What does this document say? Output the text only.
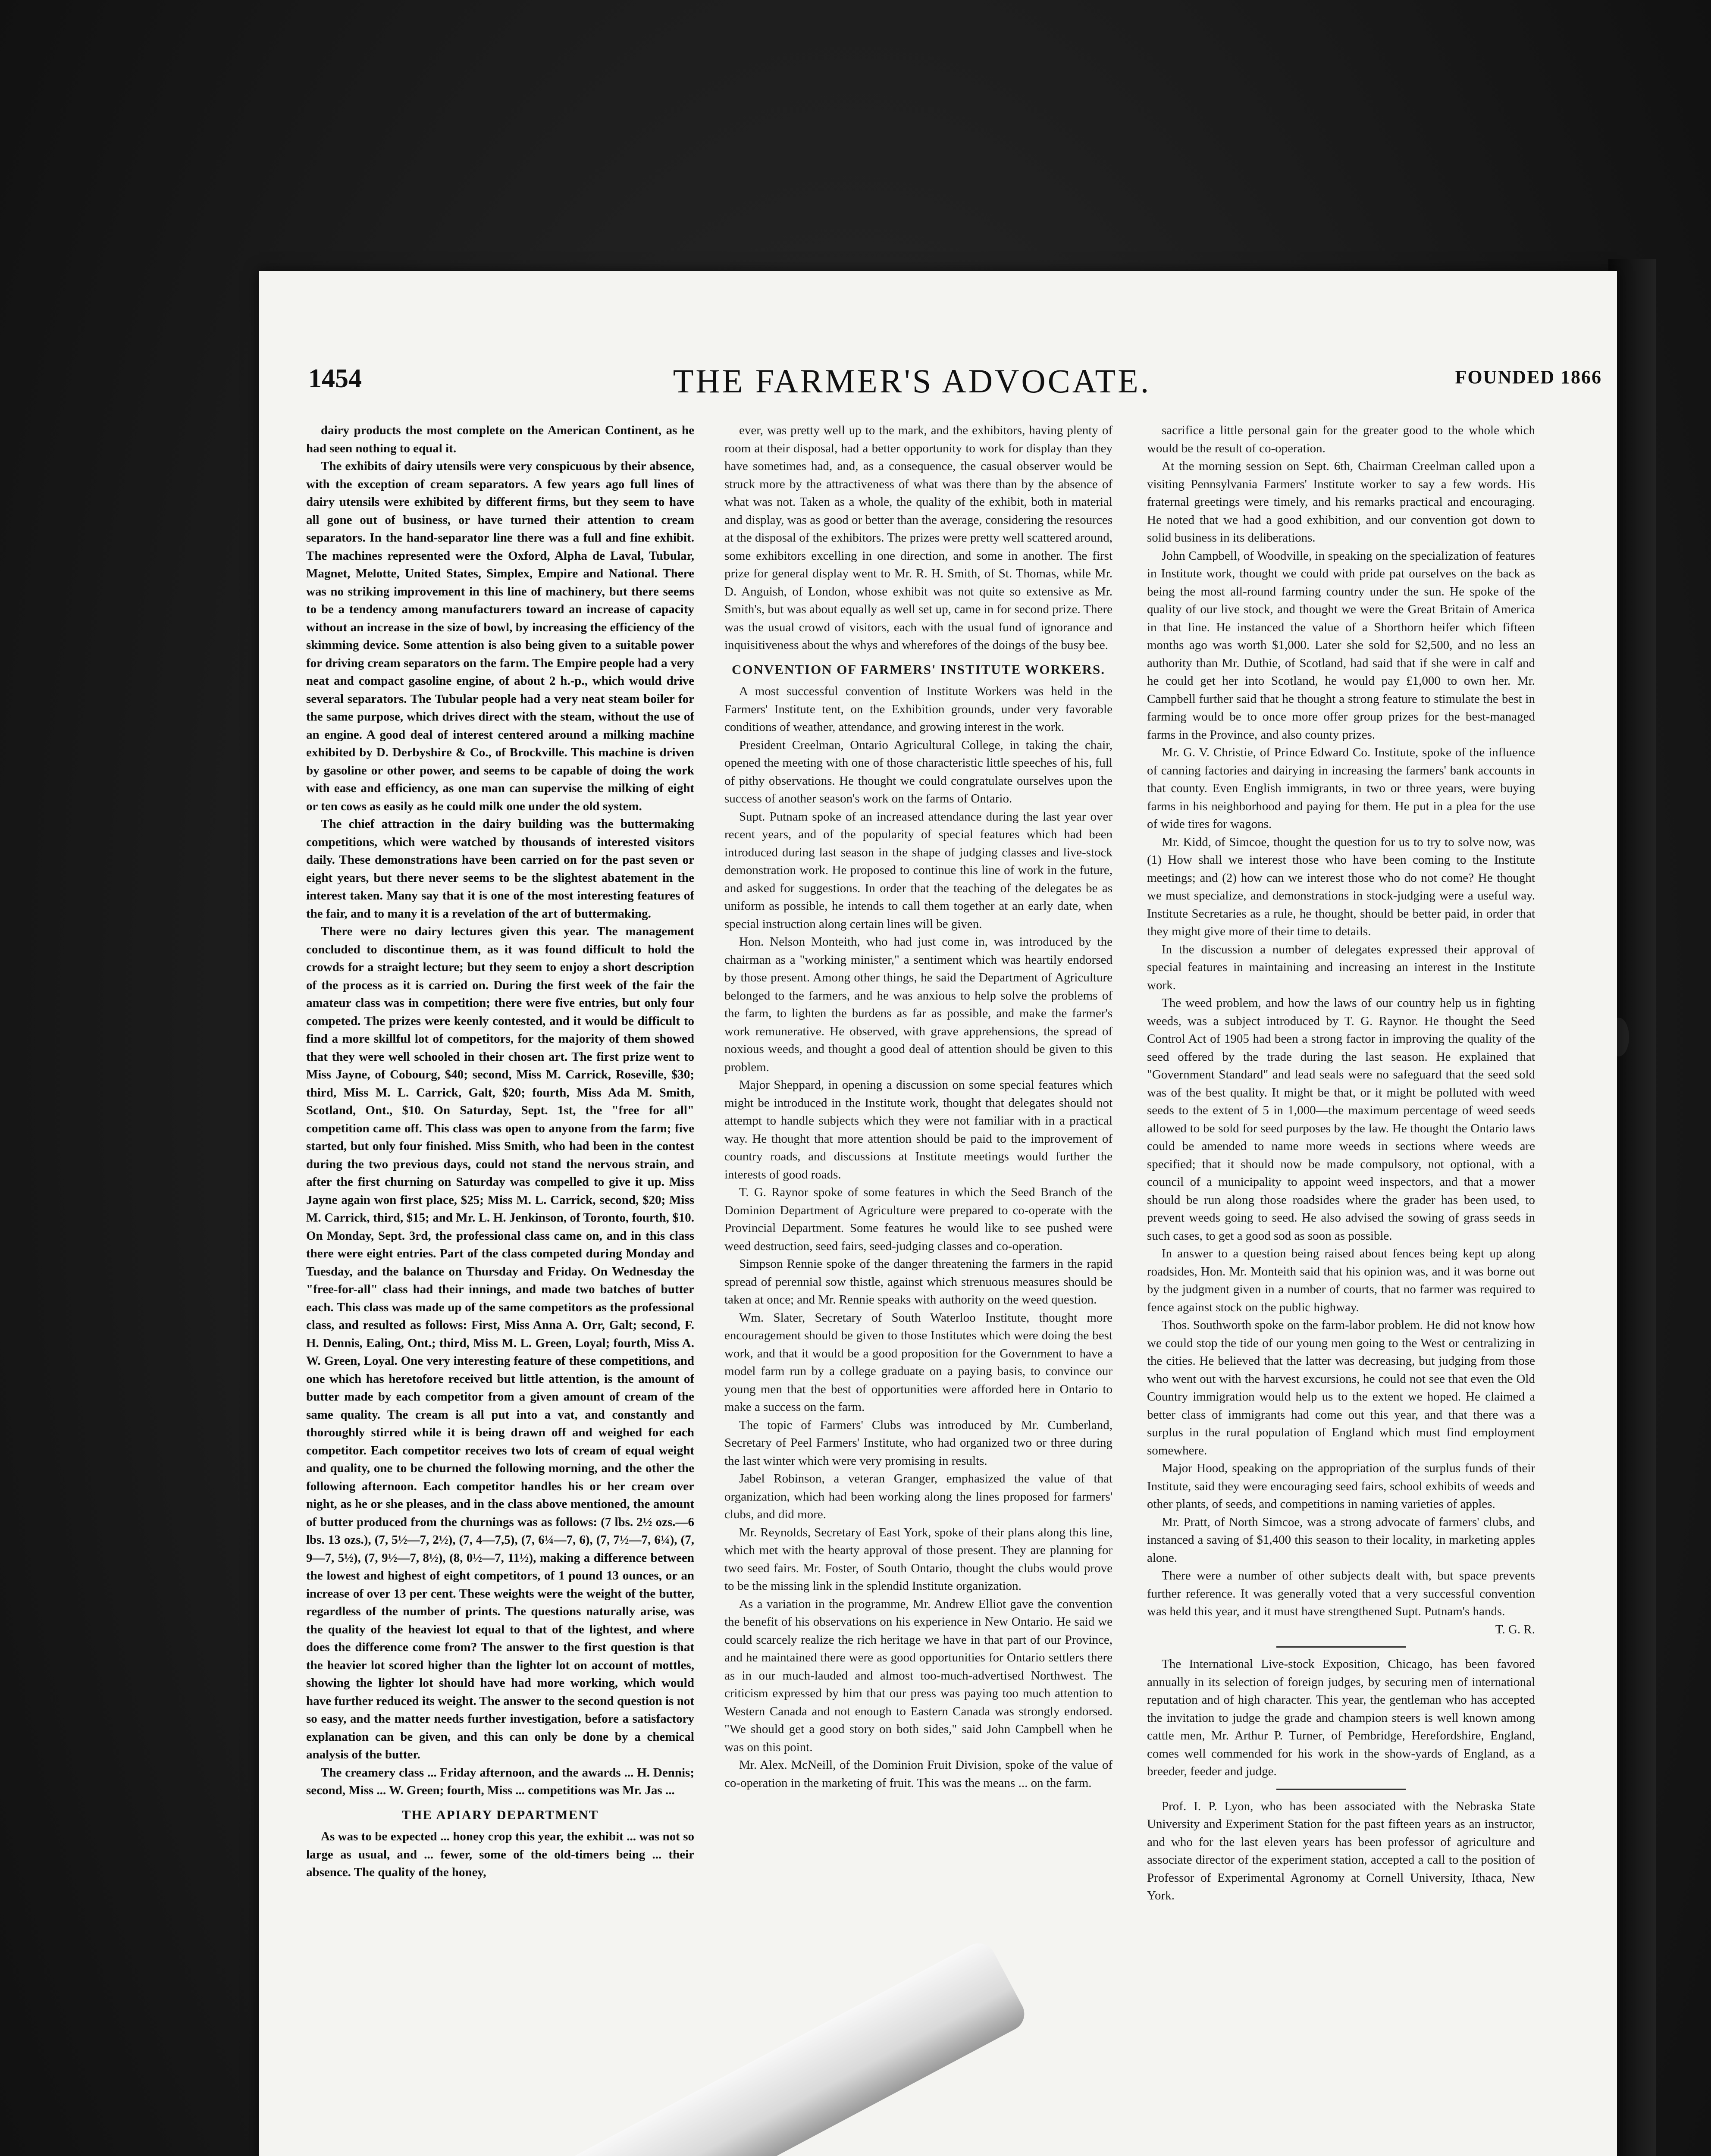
1454	THE FARMER'S ADVOCATE.	FOUNDED 1866

dairy products the most complete on the American Continent, as he had seen nothing to equal it.

The exhibits of dairy utensils were very conspicuous by their absence, with the exception of cream separators. A few years ago full lines of dairy utensils were exhibited by different firms, but they seem to have all gone out of business, or have turned their attention to cream separators. In the hand-separator line there was a full and fine exhibit. The machines represented were the Oxford, Alpha de Laval, Tubular, Magnet, Melotte, United States, Simplex, Empire and National. There was no striking improvement in this line of machinery, but there seems to be a tendency among manufacturers toward an increase of capacity without an increase in the size of bowl, by increasing the efficiency of the skimming device. Some attention is also being given to a suitable power for driving cream separators on the farm. The Empire people had a very neat and compact gasoline engine, of about 2 h.-p., which would drive several separators. The Tubular people had a very neat steam boiler for the same purpose, which drives direct with the steam, without the use of an engine. A good deal of interest centered around a milking machine exhibited by D. Derbyshire & Co., of Brockville. This machine is driven by gasoline or other power, and seems to be capable of doing the work with ease and efficiency, as one man can supervise the milking of eight or ten cows as easily as he could milk one under the old system.

The chief attraction in the dairy building was the buttermaking competitions, which were watched by thousands of interested visitors daily. These demonstrations have been carried on for the past seven or eight years, but there never seems to be the slightest abatement in the interest taken. Many say that it is one of the most interesting features of the fair, and to many it is a revelation of the art of buttermaking.

There were no dairy lectures given this year. The management concluded to discontinue them, as it was found difficult to hold the crowds for a straight lecture; but they seem to enjoy a short description of the process as it is carried on. During the first week of the fair the amateur class was in competition; there were five entries, but only four competed. The prizes were keenly contested, and it would be difficult to find a more skillful lot of competitors, for the majority of them showed that they were well schooled in their chosen art. The first prize went to Miss Jayne, of Cobourg, $40; second, Miss M. Carrick, Roseville, $30; third, Miss M. L. Carrick, Galt, $20; fourth, Miss Ada M. Smith, Scotland, Ont., $10. On Saturday, Sept. 1st, the "free for all" competition came off. This class was open to anyone from the farm; five started, but only four finished. Miss Smith, who had been in the contest during the two previous days, could not stand the nervous strain, and after the first churning on Saturday was compelled to give it up. Miss Jayne again won first place, $25; Miss M. L. Carrick, second, $20; Miss M. Carrick, third, $15; and Mr. L. H. Jenkinson, of Toronto, fourth, $10. On Monday, Sept. 3rd, the professional class came on, and in this class there were eight entries. Part of the class competed during Monday and Tuesday, and the balance on Thursday and Friday. On Wednesday the "free-for-all" class had their innings, and made two batches of butter each. This class was made up of the same competitors as the professional class, and resulted as follows: First, Miss Anna A. Orr, Galt; second, F. H. Dennis, Ealing, Ont.; third, Miss M. L. Green, Loyal; fourth, Miss A. W. Green, Loyal. One very interesting feature of these competitions, and one which has heretofore received but little attention, is the amount of butter made by each competitor from a given amount of cream of the same quality. The cream is all put into a vat, and constantly and thoroughly stirred while it is being drawn off and weighed for each competitor. Each competitor receives two lots of cream of equal weight and quality, one to be churned the following morning, and the other the following afternoon. Each competitor handles his or her cream over night, as he or she pleases, and in the class above mentioned, the amount of butter produced from the churnings was as follows: (7 lbs. 2½ ozs.—6 lbs. 13 ozs.), (7, 5½—7, 2½), (7, 4—7,5), (7, 6¼—7, 6), (7, 7½—7, 6¼), (7, 9—7, 5½), (7, 9½—7, 8½), (8, 0½—7, 11½), making a difference between the lowest and highest of eight competitors, of 1 pound 13 ounces, or an increase of over 13 per cent. These weights were the weight of the butter, regardless of the number of prints. The questions naturally arise, was the quality of the heaviest lot equal to that of the lightest, and where does the difference come from? The answer to the first question is that the heavier lot scored higher than the lighter lot on account of mottles, showing the lighter lot should have had more working, which would have further reduced its weight. The answer to the second question is not so easy, and the matter needs further investigation, before a satisfactory explanation can be given, and this can only be done by a chemical analysis of the butter.

The creamery class ... Friday afternoon, and the awards ... H. Dennis; second, Miss ... W. Green; fourth, Miss ... competitions was Mr. Jas ...

THE APIARY DEPARTMENT

As was to be expected ... honey crop this year, the exhibit ... was not so large as usual, and ... fewer, some of the old-timers being ... their absence. The quality of the honey,

ever, was pretty well up to the mark, and the exhibitors, having plenty of room at their disposal, had a better opportunity to work for display than they have sometimes had, and, as a consequence, the casual observer would be struck more by the attractiveness of what was there than by the absence of what was not. Taken as a whole, the quality of the exhibit, both in material and display, was as good or better than the average, considering the resources at the disposal of the exhibitors. The prizes were pretty well scattered around, some exhibitors excelling in one direction, and some in another. The first prize for general display went to Mr. R. H. Smith, of St. Thomas, while Mr. D. Anguish, of London, whose exhibit was not quite so extensive as Mr. Smith's, but was about equally as well set up, came in for second prize. There was the usual crowd of visitors, each with the usual fund of ignorance and inquisitiveness about the whys and wherefores of the doings of the busy bee.

CONVENTION OF FARMERS' INSTITUTE WORKERS.

A most successful convention of Institute Workers was held in the Farmers' Institute tent, on the Exhibition grounds, under very favorable conditions of weather, attendance, and growing interest in the work.

President Creelman, Ontario Agricultural College, in taking the chair, opened the meeting with one of those characteristic little speeches of his, full of pithy observations. He thought we could congratulate ourselves upon the success of another season's work on the farms of Ontario.

Supt. Putnam spoke of an increased attendance during the last year over recent years, and of the popularity of special features which had been introduced during last season in the shape of judging classes and live-stock demonstration work. He proposed to continue this line of work in the future, and asked for suggestions. In order that the teaching of the delegates be as uniform as possible, he intends to call them together at an early date, when special instruction along certain lines will be given.

Hon. Nelson Monteith, who had just come in, was introduced by the chairman as a "working minister," a sentiment which was heartily endorsed by those present. Among other things, he said the Department of Agriculture belonged to the farmers, and he was anxious to help solve the problems of the farm, to lighten the burdens as far as possible, and make the farmer's work remunerative. He observed, with grave apprehensions, the spread of noxious weeds, and thought a good deal of attention should be given to this problem.

Major Sheppard, in opening a discussion on some special features which might be introduced in the Institute work, thought that delegates should not attempt to handle subjects which they were not familiar with in a practical way. He thought that more attention should be paid to the improvement of country roads, and discussions at Institute meetings would further the interests of good roads.

T. G. Raynor spoke of some features in which the Seed Branch of the Dominion Department of Agriculture were prepared to co-operate with the Provincial Department. Some features he would like to see pushed were weed destruction, seed fairs, seed-judging classes and co-operation.

Simpson Rennie spoke of the danger threatening the farmers in the rapid spread of perennial sow thistle, against which strenuous measures should be taken at once; and Mr. Rennie speaks with authority on the weed question.

Wm. Slater, Secretary of South Waterloo Institute, thought more encouragement should be given to those Institutes which were doing the best work, and that it would be a good proposition for the Government to have a model farm run by a college graduate on a paying basis, to convince our young men that the best of opportunities were afforded here in Ontario to make a success on the farm.

The topic of Farmers' Clubs was introduced by Mr. Cumberland, Secretary of Peel Farmers' Institute, who had organized two or three during the last winter which were very promising in results.

Jabel Robinson, a veteran Granger, emphasized the value of that organization, which had been working along the lines proposed for farmers' clubs, and did more.

Mr. Reynolds, Secretary of East York, spoke of their plans along this line, which met with the hearty approval of those present. They are planning for two seed fairs. Mr. Foster, of South Ontario, thought the clubs would prove to be the missing link in the splendid Institute organization.

As a variation in the programme, Mr. Andrew Elliot gave the convention the benefit of his observations on his experience in New Ontario. He said we could scarcely realize the rich heritage we have in that part of our Province, and he maintained there were as good opportunities for Ontario settlers there as in our much-lauded and almost too-much-advertised Northwest. The criticism expressed by him that our press was paying too much attention to Western Canada and not enough to Eastern Canada was strongly endorsed. "We should get a good story on both sides," said John Campbell when he was on this point.

Mr. Alex. McNeill, of the Dominion Fruit Division, spoke of the value of co-operation in the marketing of fruit. This was the means ... on the farm.

sacrifice a little personal gain for the greater good to the whole which would be the result of co-operation.

At the morning session on Sept. 6th, Chairman Creelman called upon a visiting Pennsylvania Farmers' Institute worker to say a few words. His fraternal greetings were timely, and his remarks practical and encouraging. He noted that we had a good exhibition, and our convention got down to solid business in its deliberations.

John Campbell, of Woodville, in speaking on the specialization of features in Institute work, thought we could with pride pat ourselves on the back as being the most all-round farming country under the sun. He spoke of the quality of our live stock, and thought we were the Great Britain of America in that line. He instanced the value of a Shorthorn heifer which fifteen months ago was worth $1,000. Later she sold for $2,500, and no less an authority than Mr. Duthie, of Scotland, had said that if she were in calf and he could get her into Scotland, he would pay £1,000 to own her. Mr. Campbell further said that he thought a strong feature to stimulate the best in farming would be to once more offer group prizes for the best-managed farms in the Province, and also county prizes.

Mr. G. V. Christie, of Prince Edward Co. Institute, spoke of the influence of canning factories and dairying in increasing the farmers' bank accounts in that county. Even English immigrants, in two or three years, were buying farms in his neighborhood and paying for them. He put in a plea for the use of wide tires for wagons.

Mr. Kidd, of Simcoe, thought the question for us to try to solve now, was (1) How shall we interest those who have been coming to the Institute meetings; and (2) how can we interest those who do not come? He thought we must specialize, and demonstrations in stock-judging were a useful way. Institute Secretaries as a rule, he thought, should be better paid, in order that they might give more of their time to details.

In the discussion a number of delegates expressed their approval of special features in maintaining and increasing an interest in the Institute work.

The weed problem, and how the laws of our country help us in fighting weeds, was a subject introduced by T. G. Raynor. He thought the Seed Control Act of 1905 had been a strong factor in improving the quality of the seed offered by the trade during the last season. He explained that "Government Standard" and lead seals were no safeguard that the seed sold was of the best quality. It might be that, or it might be polluted with weed seeds to the extent of 5 in 1,000—the maximum percentage of weed seeds allowed to be sold for seed purposes by the law. He thought the Ontario laws could be amended to name more weeds in sections where weeds are specified; that it should now be made compulsory, not optional, with a council of a municipality to appoint weed inspectors, and that a mower should be run along those roadsides where the grader has been used, to prevent weeds going to seed. He also advised the sowing of grass seeds in such cases, to get a good sod as soon as possible.

In answer to a question being raised about fences being kept up along roadsides, Hon. Mr. Monteith said that his opinion was, and it was borne out by the judgment given in a number of courts, that no farmer was required to fence against stock on the public highway.

Thos. Southworth spoke on the farm-labor problem. He did not know how we could stop the tide of our young men going to the West or centralizing in the cities. He believed that the latter was decreasing, but judging from those who went out with the harvest excursions, he could not see that even the Old Country immigration would help us to the extent we hoped. He claimed a better class of immigrants had come out this year, and that there was a surplus in the rural population of England which must find employment somewhere.

Major Hood, speaking on the appropriation of the surplus funds of their Institute, said they were encouraging seed fairs, school exhibits of weeds and other plants, of seeds, and competitions in naming varieties of apples.

Mr. Pratt, of North Simcoe, was a strong advocate of farmers' clubs, and instanced a saving of $1,400 this season to their locality, in marketing apples alone.

There were a number of other subjects dealt with, but space prevents further reference. It was generally voted that a very successful convention was held this year, and it must have strengthened Supt. Putnam's hands.

T. G. R.

The International Live-stock Exposition, Chicago, has been favored annually in its selection of foreign judges, by securing men of international reputation and of high character. This year, the gentleman who has accepted the invitation to judge the grade and champion steers is well known among cattle men, Mr. Arthur P. Turner, of Pembridge, Herefordshire, England, comes well commended for his work in the show-yards of England, as a breeder, feeder and judge.

Prof. I. P. Lyon, who has been associated with the Nebraska State University and Experiment Station for the past fifteen years as an instructor, and who for the last eleven years has been professor of agriculture and associate director of the experiment station, accepted a call to the position of Professor of Experimental Agronomy at Cornell University, Ithaca, New York.
